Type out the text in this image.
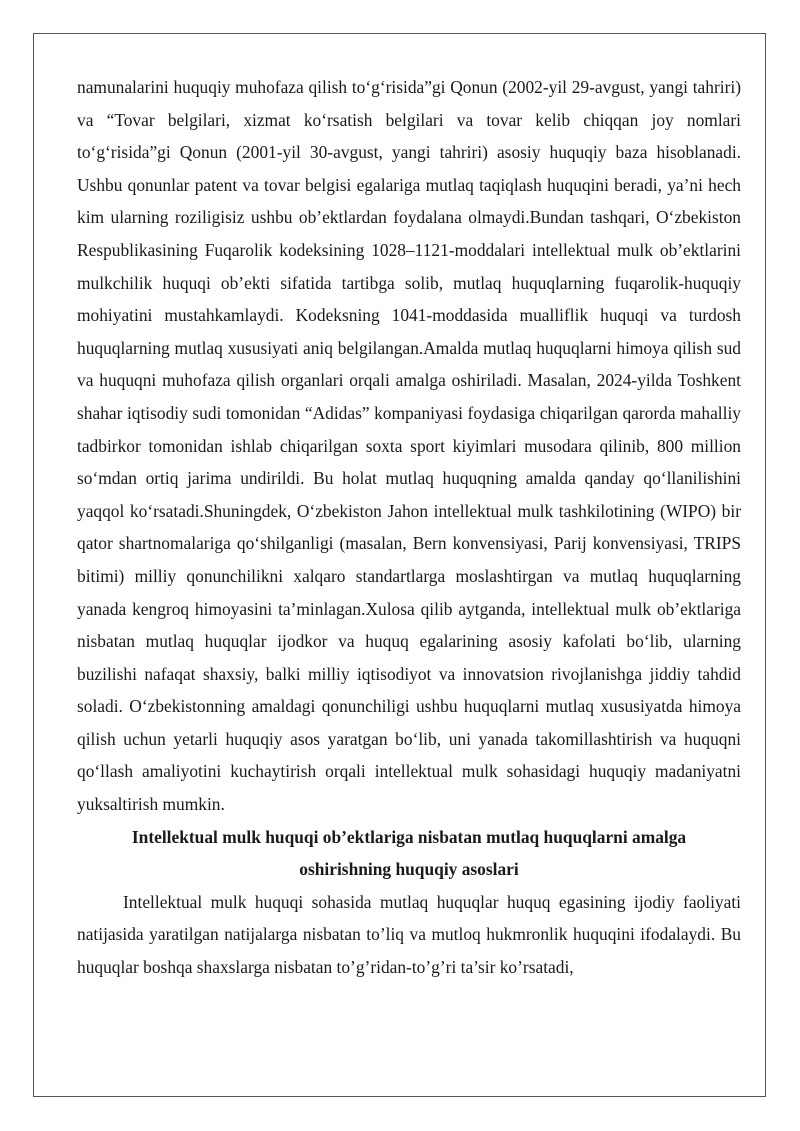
namunalarini huquqiy muhofaza qilish to‘g‘risida”gi Qonun (2002-yil 29-avgust, yangi tahriri) va “Tovar belgilari, xizmat ko‘rsatish belgilari va tovar kelib chiqqan joy nomlari to‘g‘risida”gi Qonun (2001-yil 30-avgust, yangi tahriri) asosiy huquqiy baza hisoblanadi. Ushbu qonunlar patent va tovar belgisi egalariga mutlaq taqiqlash huquqini beradi, ya’ni hech kim ularning roziligisiz ushbu ob’ektlardan foydalana olmaydi.Bundan tashqari, O‘zbekiston Respublikasining Fuqarolik kodeksining 1028–1121-moddalari intellektual mulk ob’ektlarini mulkchilik huquqi ob’ekti sifatida tartibga solib, mutlaq huquqlarning fuqarolik-huquqiy mohiyatini mustahkamlaydi. Kodeksning 1041-moddasida mualliflik huquqi va turdosh huquqlarning mutlaq xususiyati aniq belgilangan.Amalda mutlaq huquqlarni himoya qilish sud va huquqni muhofaza qilish organlari orqali amalga oshiriladi. Masalan, 2024-yilda Toshkent shahar iqtisodiy sudi tomonidan “Adidas” kompaniyasi foydasiga chiqarilgan qarorda mahalliy tadbirkor tomonidan ishlab chiqarilgan soxta sport kiyimlari musodara qilinib, 800 million so‘mdan ortiq jarima undirildi. Bu holat mutlaq huquqning amalda qanday qo‘llanilishini yaqqol ko‘rsatadi.Shuningdek, O‘zbekiston Jahon intellektual mulk tashkilotining (WIPO) bir qator shartnomalariga qo‘shilganligi (masalan, Bern konvensiyasi, Parij konvensiyasi, TRIPS bitimi) milliy qonunchilikni xalqaro standartlarga moslashtirgan va mutlaq huquqlarning yanada kengroq himoyasini ta’minlagan.Xulosa qilib aytganda, intellektual mulk ob’ektlariga nisbatan mutlaq huquqlar ijodkor va huquq egalarining asosiy kafolati bo‘lib, ularning buzilishi nafaqat shaxsiy, balki milliy iqtisodiyot va innovatsion rivojlanishga jiddiy tahdid soladi. O‘zbekistonning amaldagi qonunchiligi ushbu huquqlarni mutlaq xususiyatda himoya qilish uchun yetarli huquqiy asos yaratgan bo‘lib, uni yanada takomillashtirish va huquqni qo‘llash amaliyotini kuchaytirish orqali intellektual mulk sohasidagi huquqiy madaniyatni yuksaltirish mumkin.

Intellektual mulk huquqi ob’ektlariga nisbatan mutlaq huquqlarni amalga
oshirishning huquqiy asoslari

Intellektual mulk huquqi sohasida mutlaq huquqlar huquq egasining ijodiy faoliyati natijasida yaratilgan natijalarga nisbatan to’liq va mutloq hukmronlik huquqini ifodalaydi. Bu huquqlar boshqa shaxslarga nisbatan to’g’ridan-to’g’ri ta’sir ko’rsatadi,
